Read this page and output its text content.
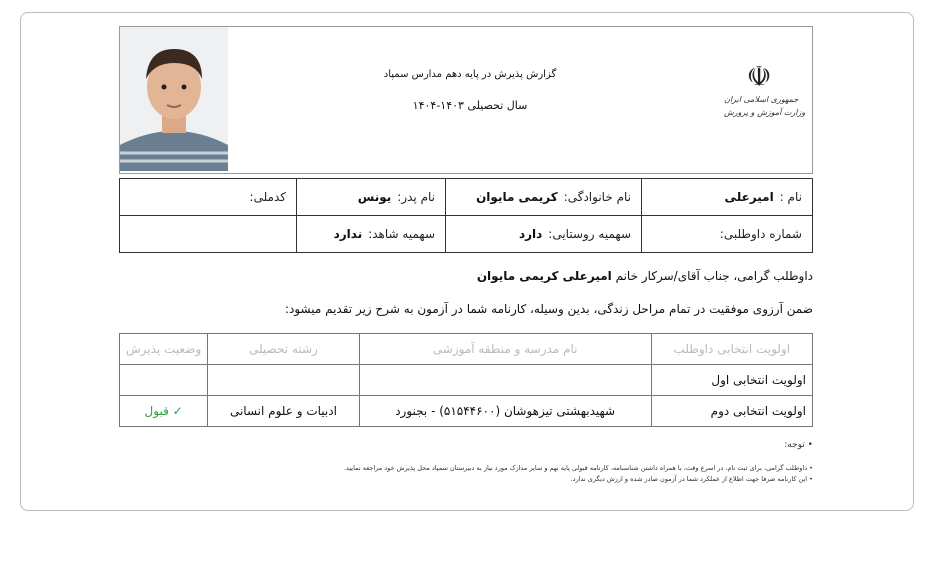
گزارش پذیرش در پایه دهم مدارس سمپاد
سال تحصیلی ۱۴۰۳-۱۴۰۴
☫
جمهوری اسلامی ایران
وزارت آموزش و پرورش
نام :امیرعلی	نام خانوادگی:کریمی مایوان	نام پدر:یونس	کدملی:
شماره داوطلبی:	سهمیه روستایی:دارد	سهمیه شاهد:ندارد	
داوطلب گرامی، جناب آقای/سرکار خانم امیرعلی کریمی مایوان
ضمن آرزوی موفقیت در تمام مراحل زندگی، بدین وسیله، کارنامه شما در آزمون به شرح زیر تقدیم میشود:
اولویت انتخابی داوطلب	نام مدرسه و منطقه آموزشی	رشته تحصیلی	وضعیت پذیرش
اولویت انتخابی اول			
اولویت انتخابی دوم	شهیدبهشتی تیزهوشان (۵۱۵۴۴۶۰۰) - بجنورد	ادبیات و علوم انسانی	✓ قبول
• توجه:

• داوطلب گرامی، برای ثبت نام، در اسرع وقت، با همراه داشتن شناسنامه، کارنامه قبولی پایه نهم و سایر مدارک مورد نیاز به دبیرستان سمپاد محل پذیرش خود مراجعه نمایید.

• این کارنامه صرفا جهت اطلاع از عملکرد شما در آزمون صادر شده و ارزش دیگری ندارد.
